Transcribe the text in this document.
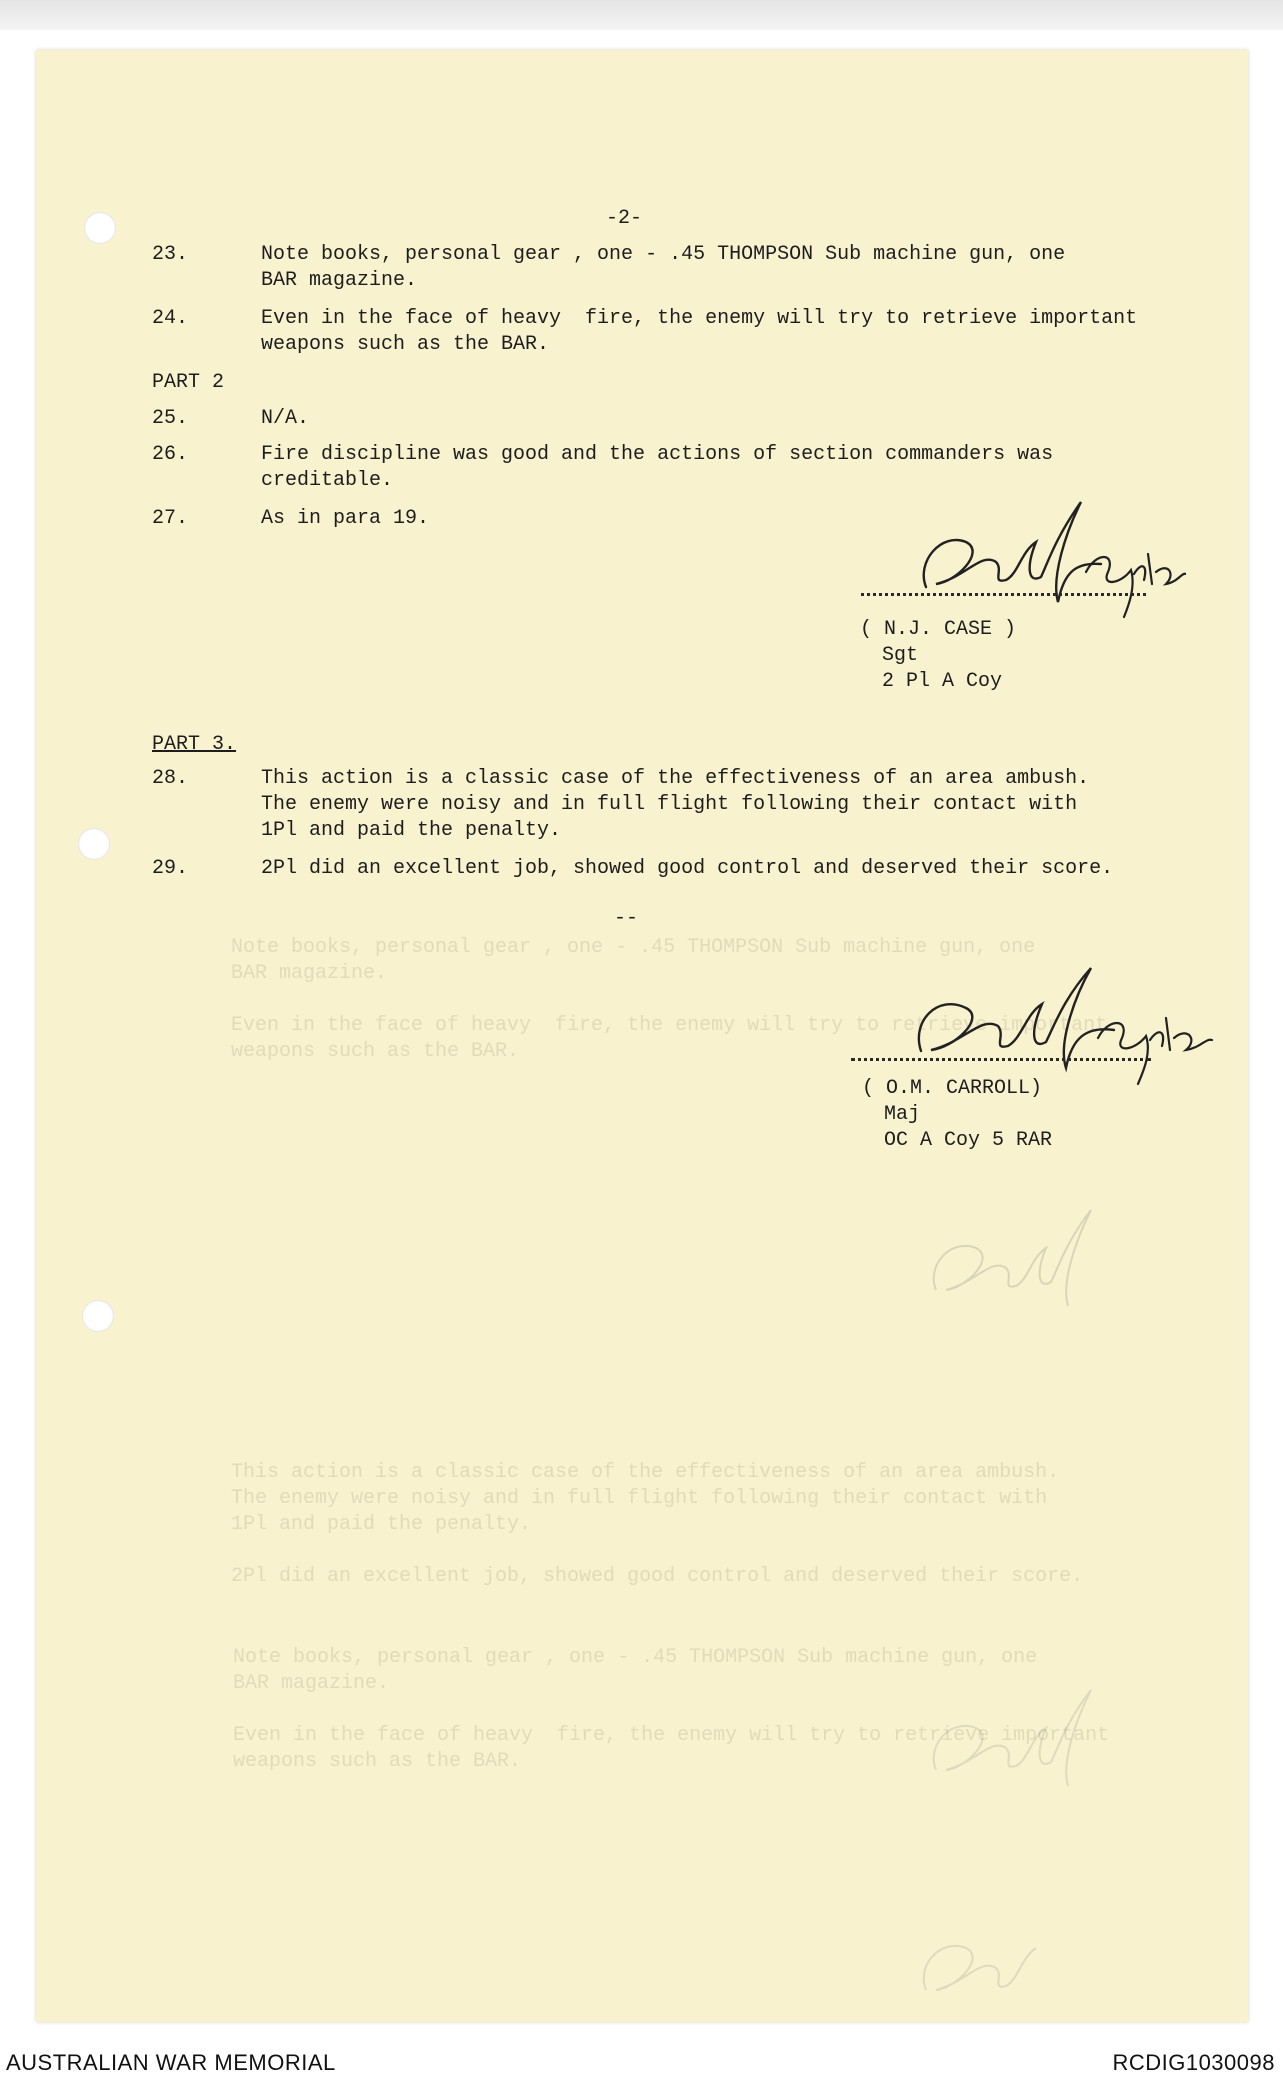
Note books, personal gear , one - .45 THOMPSON Sub machine gun, one
BAR magazine.

Even in the face of heavy  fire, the enemy will try to retrieve important
weapons such as the BAR.
This action is a classic case of the effectiveness of an area ambush.
The enemy were noisy and in full flight following their contact with
1Pl and paid the penalty.

2Pl did an excellent job, showed good control and deserved their score.
Note books, personal gear , one - .45 THOMPSON Sub machine gun, one
BAR magazine.

Even in the face of heavy  fire, the enemy will try to retrieve important
weapons such as the BAR.
-2-
23.	Note books, personal gear , one - .45 THOMPSON Sub machine gun, one
BAR magazine.
24.	Even in the face of heavy  fire, the enemy will try to retrieve important
weapons such as the BAR.
PART 2
25.	N/A.
26.	Fire discipline was good and the actions of section commanders was
creditable.
27.	As in para 19.
( N.J. CASE )
Sgt
2 Pl A Coy
PART 3.
28.	This action is a classic case of the effectiveness of an area ambush.
The enemy were noisy and in full flight following their contact with
1Pl and paid the penalty.
29.	2Pl did an excellent job, showed good control and deserved their score.
--
( O.M. CARROLL)
Maj
OC A Coy 5 RAR
AUSTRALIAN WAR MEMORIAL	RCDIG1030098
